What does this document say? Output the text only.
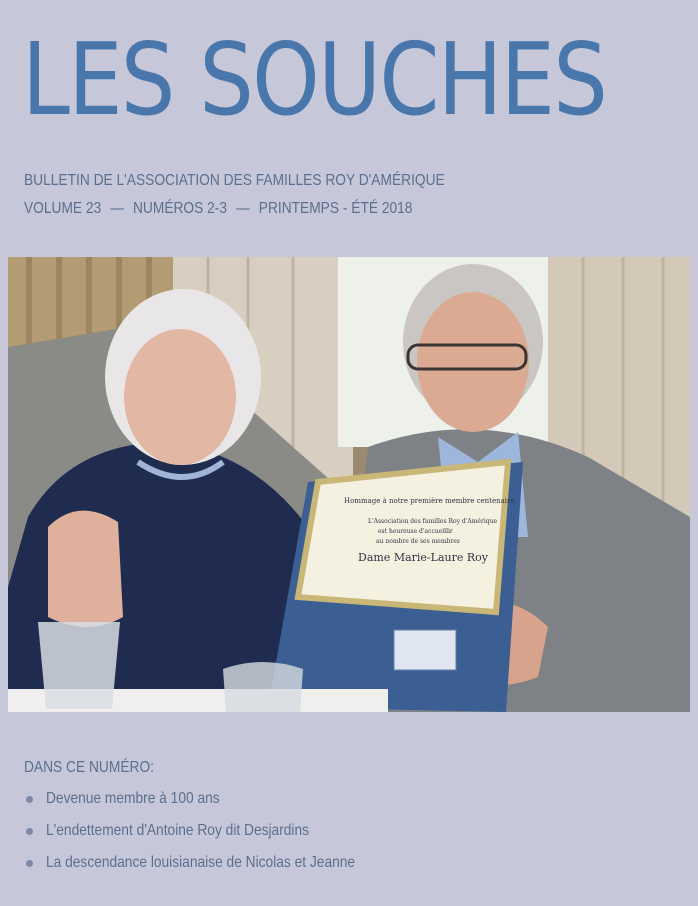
LES SOUCHES
BULLETIN DE L'ASSOCIATION DES FAMILLES ROY D'AMÉRIQUE
VOLUME 23 — NUMÉROS 2-3 — PRINTEMPS - ÉTÉ 2018
Hommage à notre première membre centenaire
L'Association des familles Roy d'Amérique
est heureuse d'accueillir
au nombre de ses membres
Dame Marie-Laure Roy
DANS CE NUMÉRO:
Devenue membre à 100 ans
L'endettement d'Antoine Roy dit Desjardins
La descendance louisianaise de Nicolas et Jeanne
